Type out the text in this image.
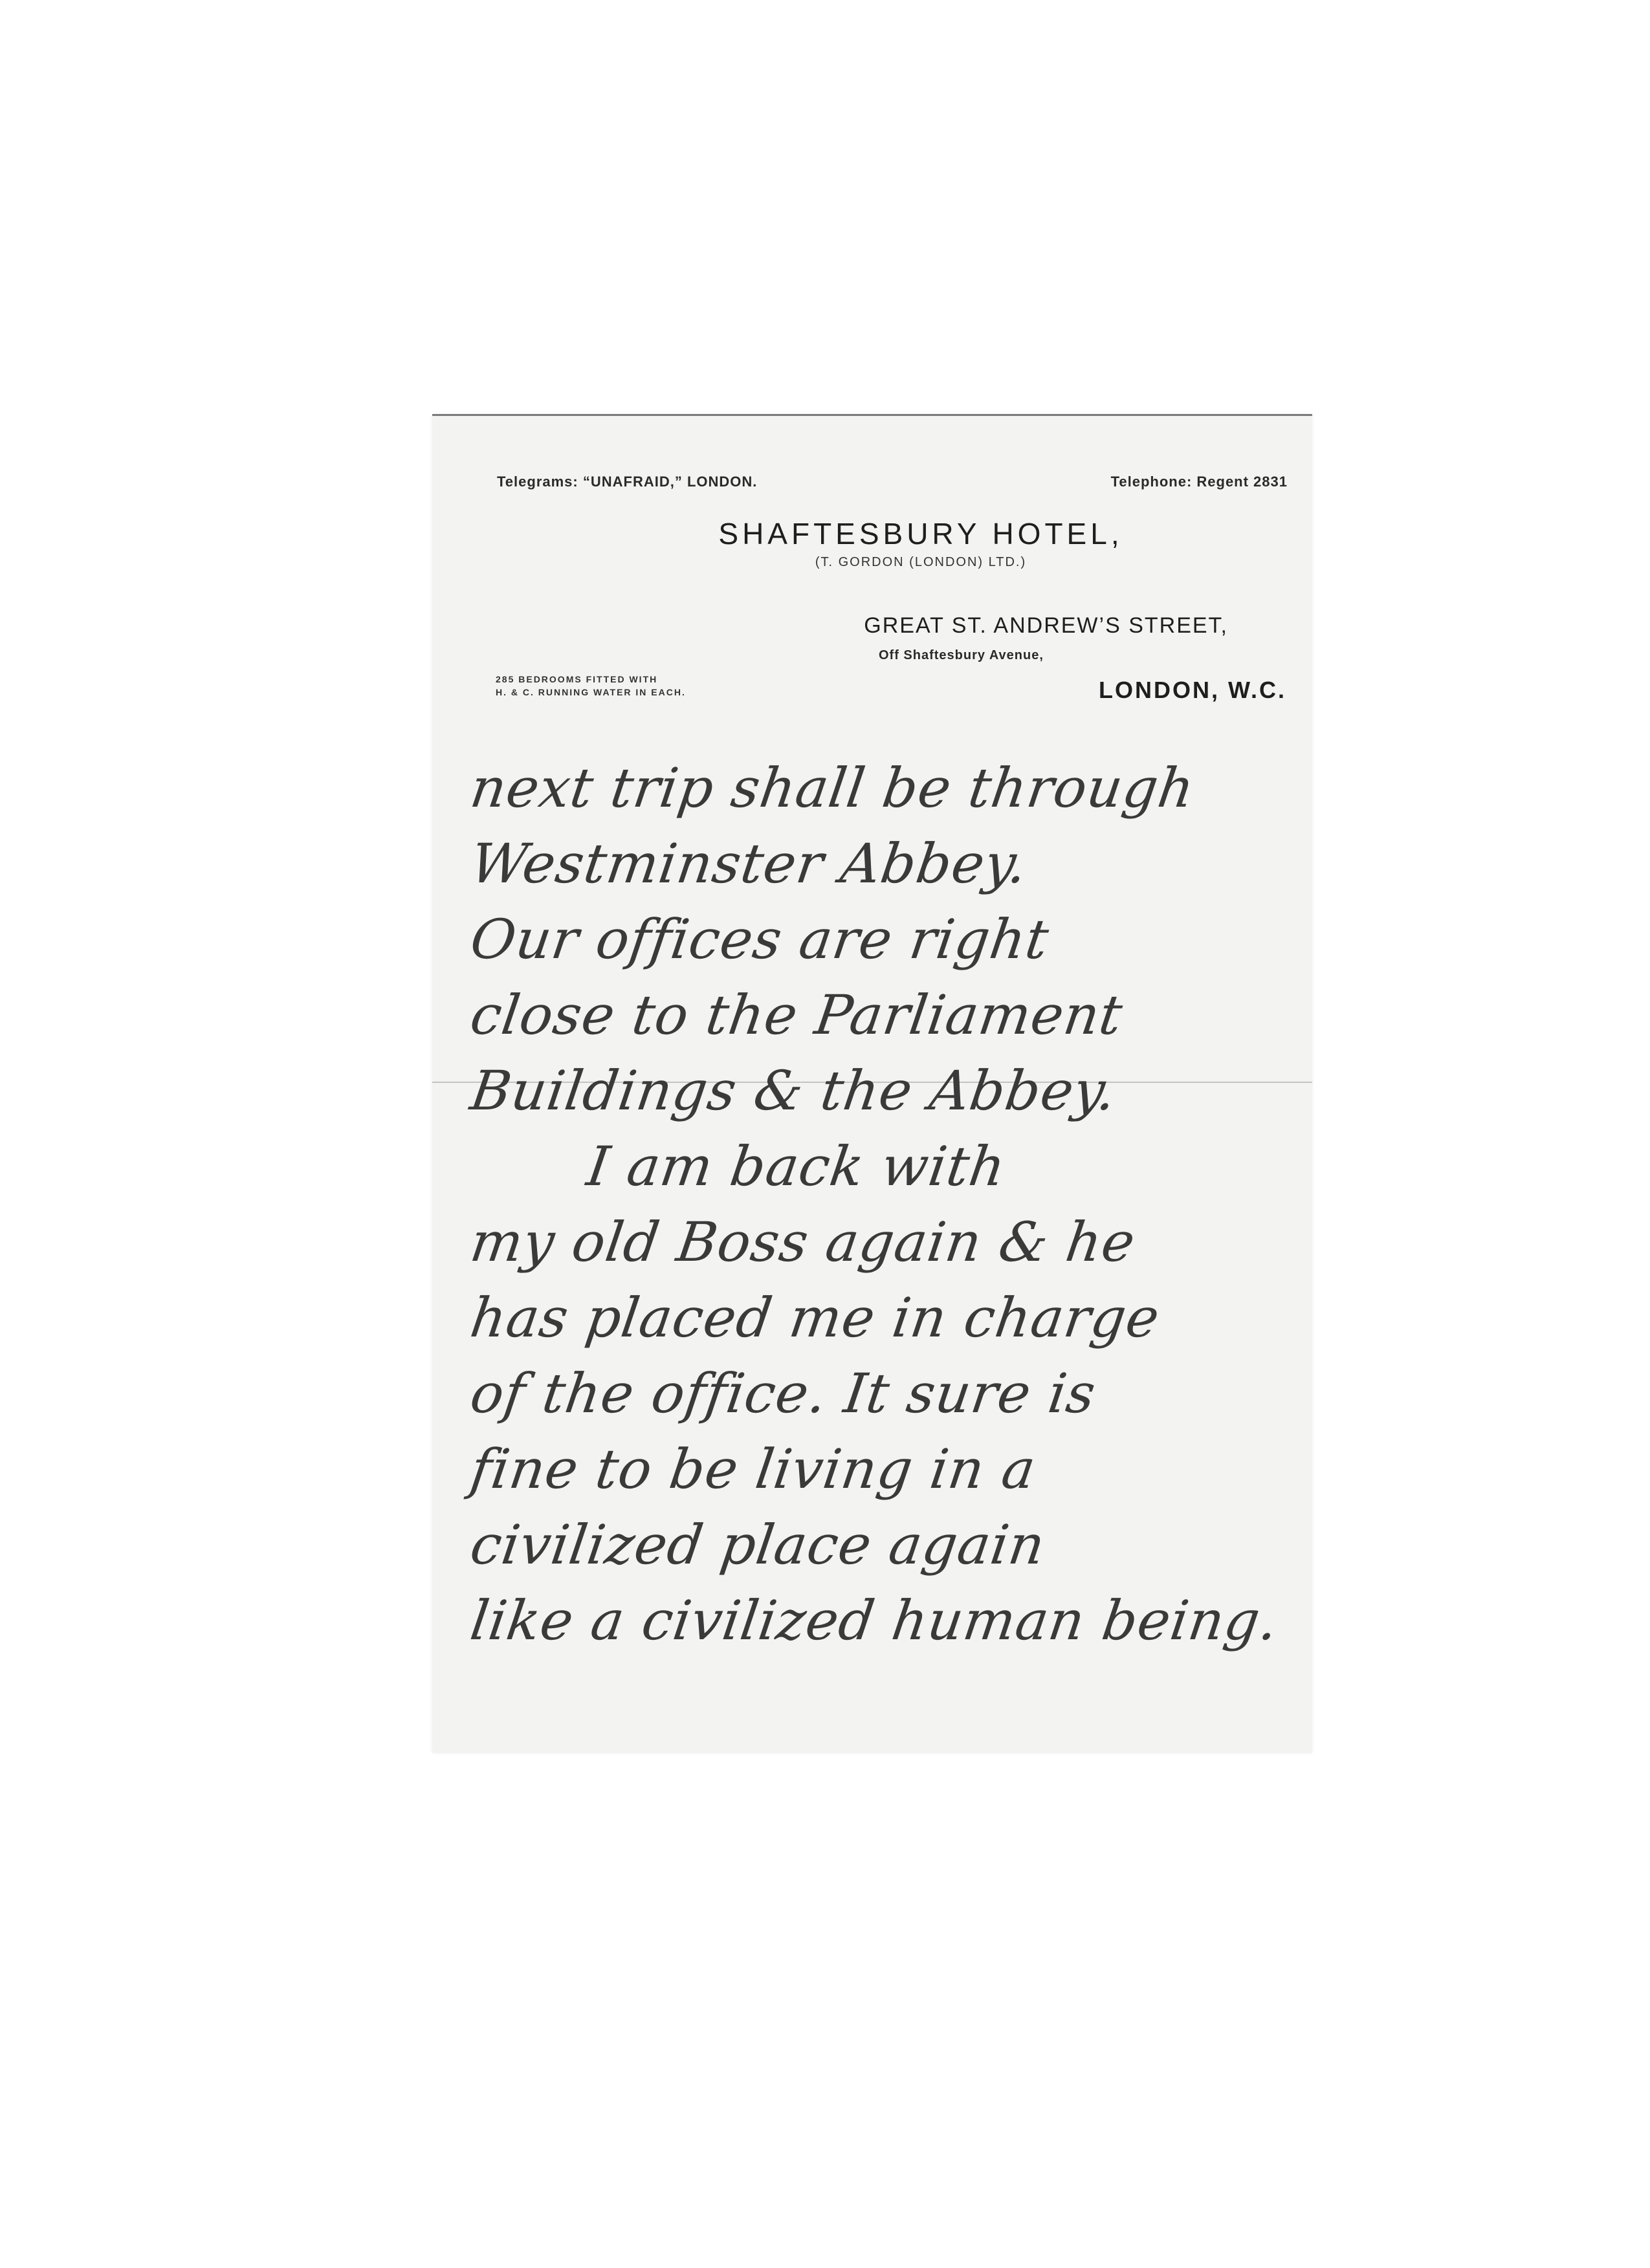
Telegrams: “UNAFRAID,” LONDON.	Telephone: Regent 2831
SHAFTESBURY HOTEL,
(T. GORDON (LONDON) LTD.)
GREAT ST. ANDREW’S STREET,
Off Shaftesbury Avenue,
285 BEDROOMS FITTED WITH
H. & C. RUNNING WATER IN EACH.	LONDON, W.C.
next trip shall be through
Westminster Abbey.
Our offices are right
close to the Parliament
Buildings & the Abbey.
I am back with
my old Boss again & he
has placed me in charge
of the office. It sure is
fine to be living in a
civilized place again
like a civilized human being.
